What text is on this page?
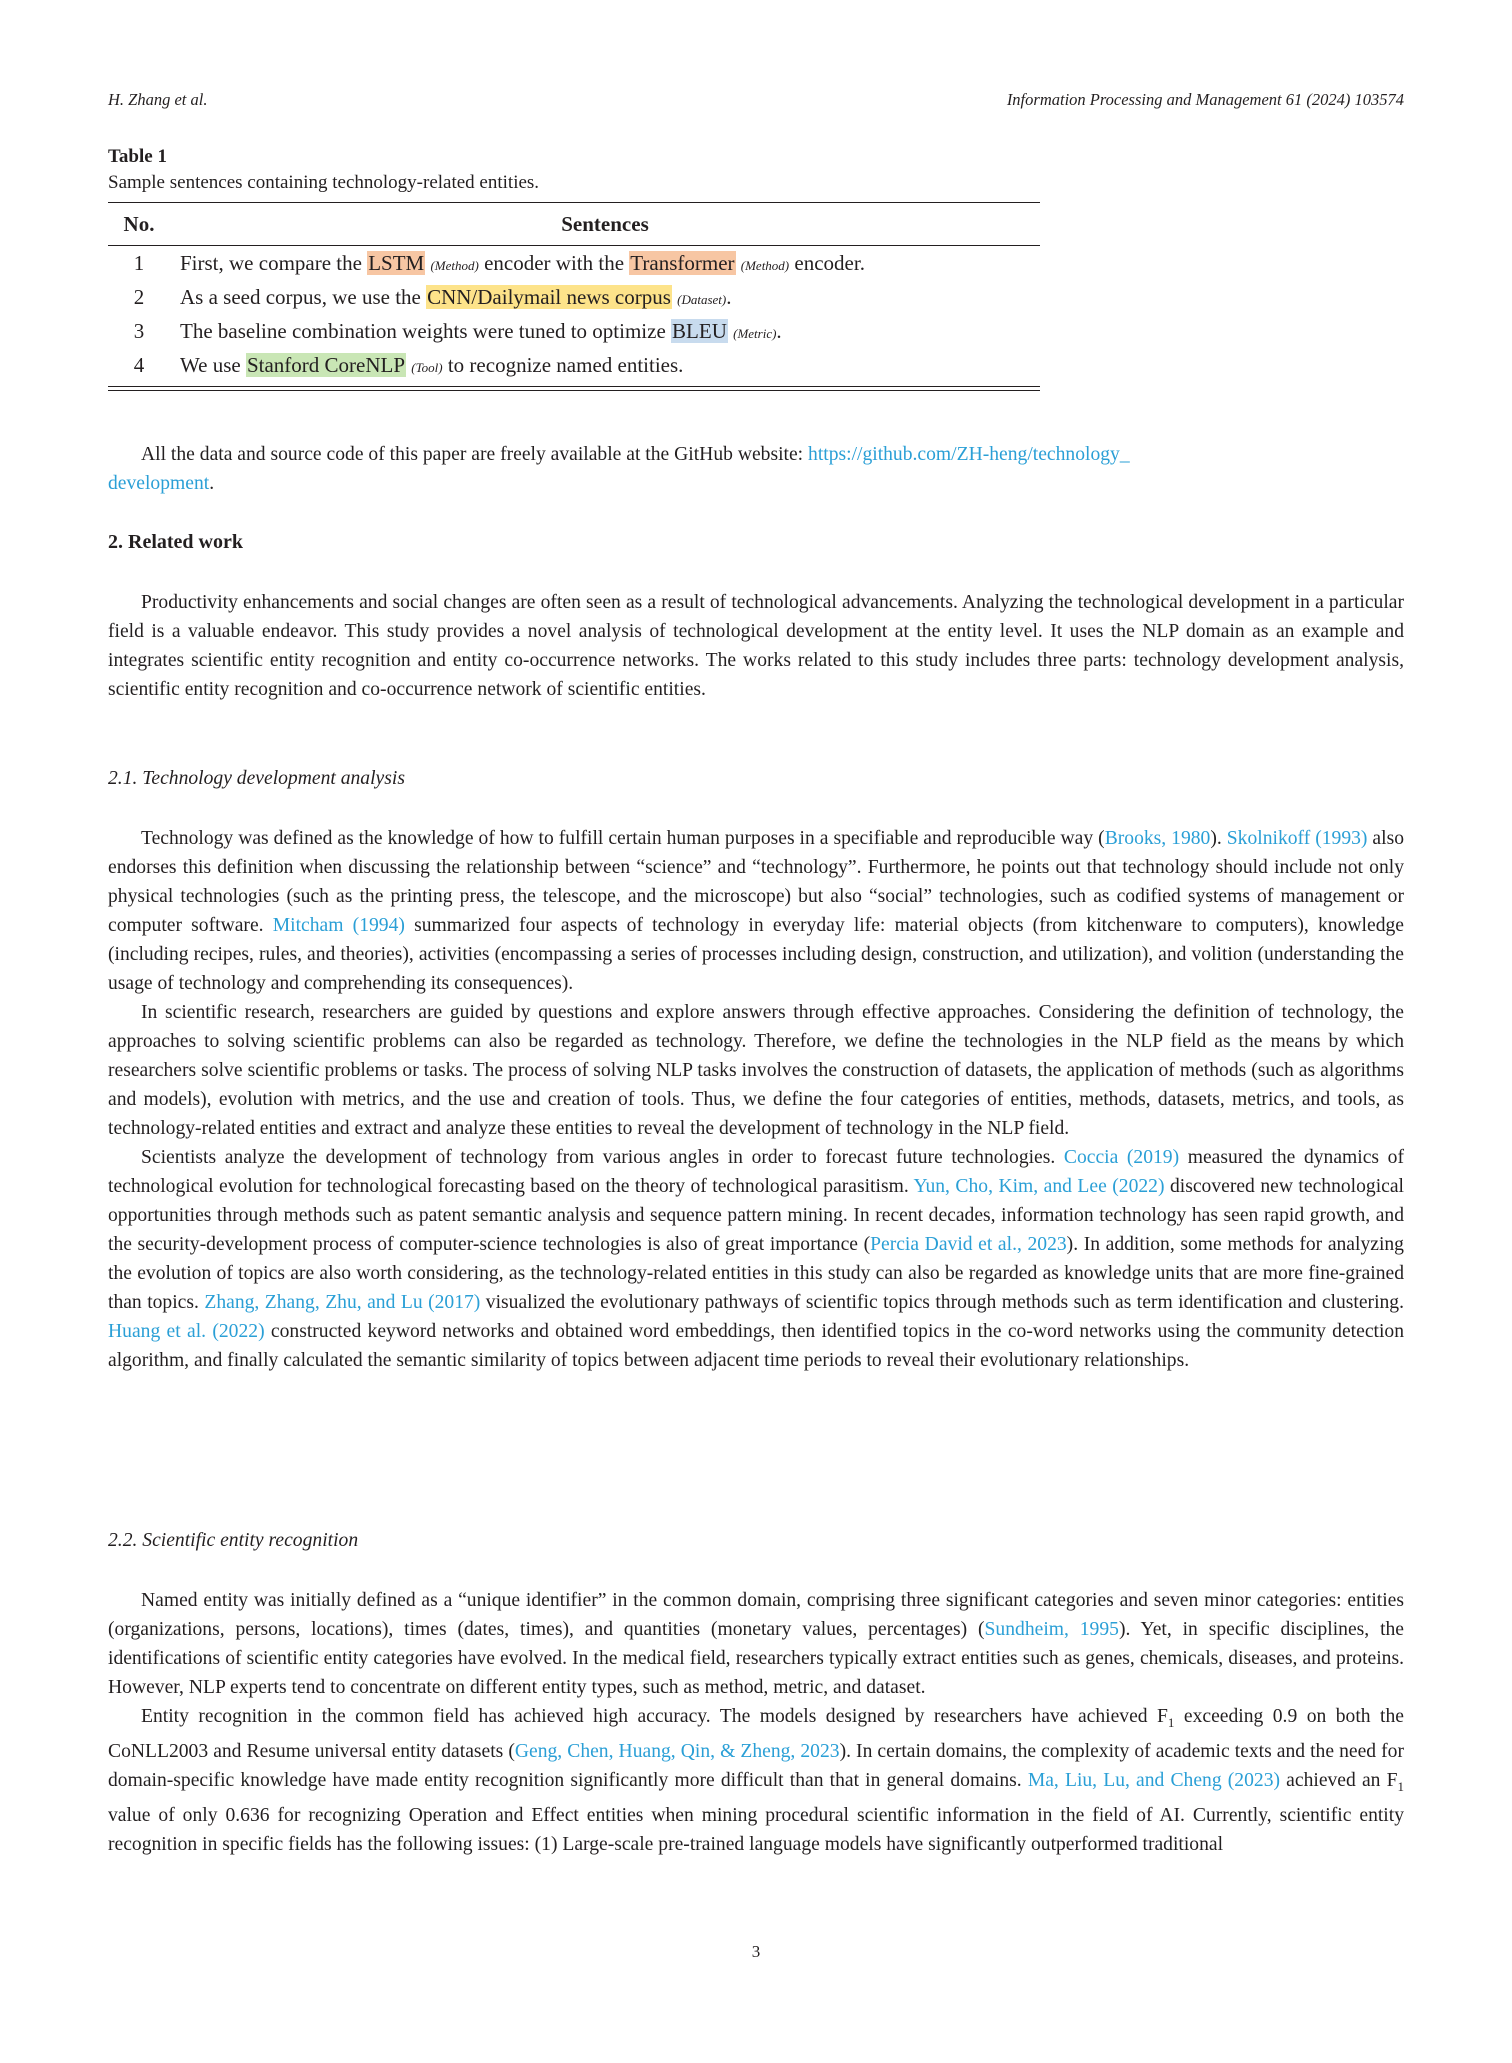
H. Zhang et al.	Information Processing and Management 61 (2024) 103574
Table 1
Sample sentences containing technology-related entities.
No.	Sentences

1	First, we compare the LSTM (Method) encoder with the Transformer (Method) encoder.
2	As a seed corpus, we use the CNN/Dailymail news corpus (Dataset).
3	The baseline combination weights were tuned to optimize BLEU (Metric).
4	We use Stanford CoreNLP (Tool) to recognize named entities.

All the data and source code of this paper are freely available at the GitHub website: https://github.com/ZH-heng/technology_
development.

2. Related work

Productivity enhancements and social changes are often seen as a result of technological advancements. Analyzing the technological development in a particular field is a valuable endeavor. This study provides a novel analysis of technological development at the entity level. It uses the NLP domain as an example and integrates scientific entity recognition and entity co-occurrence networks. The works related to this study includes three parts: technology development analysis, scientific entity recognition and co-occurrence network of scientific entities.

2.1. Technology development analysis

Technology was defined as the knowledge of how to fulfill certain human purposes in a specifiable and reproducible way (Brooks, 1980). Skolnikoff (1993) also endorses this definition when discussing the relationship between “science” and “technology”. Furthermore, he points out that technology should include not only physical technologies (such as the printing press, the telescope, and the microscope) but also “social” technologies, such as codified systems of management or computer software. Mitcham (1994) summarized four aspects of technology in everyday life: material objects (from kitchenware to computers), knowledge (including recipes, rules, and theories), activities (encompassing a series of processes including design, construction, and utilization), and volition (understanding the usage of technology and comprehending its consequences).

In scientific research, researchers are guided by questions and explore answers through effective approaches. Considering the definition of technology, the approaches to solving scientific problems can also be regarded as technology. Therefore, we define the technologies in the NLP field as the means by which researchers solve scientific problems or tasks. The process of solving NLP tasks involves the construction of datasets, the application of methods (such as algorithms and models), evolution with metrics, and the use and creation of tools. Thus, we define the four categories of entities, methods, datasets, metrics, and tools, as technology-related entities and extract and analyze these entities to reveal the development of technology in the NLP field.

Scientists analyze the development of technology from various angles in order to forecast future technologies. Coccia (2019) measured the dynamics of technological evolution for technological forecasting based on the theory of technological parasitism. Yun, Cho, Kim, and Lee (2022) discovered new technological opportunities through methods such as patent semantic analysis and sequence pattern mining. In recent decades, information technology has seen rapid growth, and the security-development process of computer-science technologies is also of great importance (Percia David et al., 2023). In addition, some methods for analyzing the evolution of topics are also worth considering, as the technology-related entities in this study can also be regarded as knowledge units that are more fine-grained than topics. Zhang, Zhang, Zhu, and Lu (2017) visualized the evolutionary pathways of scientific topics through methods such as term identification and clustering. Huang et al. (2022) constructed keyword networks and obtained word embeddings, then identified topics in the co-word networks using the community detection algorithm, and finally calculated the semantic similarity of topics between adjacent time periods to reveal their evolutionary relationships.

2.2. Scientific entity recognition

Named entity was initially defined as a “unique identifier” in the common domain, comprising three significant categories and seven minor categories: entities (organizations, persons, locations), times (dates, times), and quantities (monetary values, percentages) (Sundheim, 1995). Yet, in specific disciplines, the identifications of scientific entity categories have evolved. In the medical field, researchers typically extract entities such as genes, chemicals, diseases, and proteins. However, NLP experts tend to concentrate on different entity types, such as method, metric, and dataset.

Entity recognition in the common field has achieved high accuracy. The models designed by researchers have achieved $F_1$ exceeding 0.9 on both the CoNLL2003 and Resume universal entity datasets (Geng, Chen, Huang, Qin, & Zheng, 2023). In certain domains, the complexity of academic texts and the need for domain-specific knowledge have made entity recognition significantly more difficult than that in general domains. Ma, Liu, Lu, and Cheng (2023) achieved an $F_1$ value of only 0.636 for recognizing Operation and Effect entities when mining procedural scientific information in the field of AI. Currently, scientific entity recognition in specific fields has the following issues: (1) Large-scale pre-trained language models have significantly outperformed traditional

3
